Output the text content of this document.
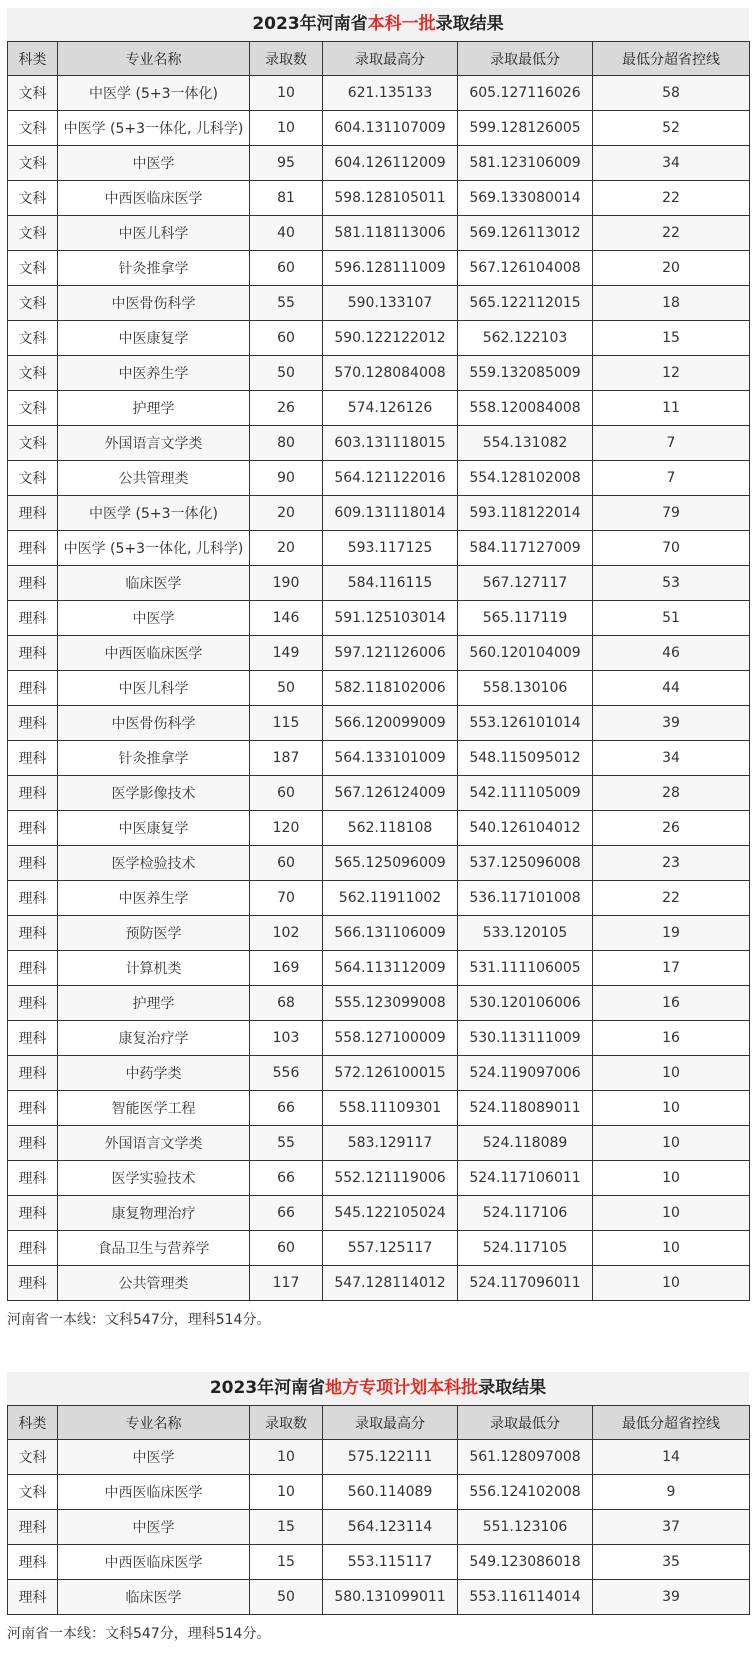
2023年河南省本科一批录取结果
科类	专业名称	录取数	录取最高分	录取最低分	最低分超省控线
文科	中医学 (5+3一体化)	10	621.135133	605.127116026	58
文科	中医学 (5+3一体化, 儿科学)	10	604.131107009	599.128126005	52
文科	中医学	95	604.126112009	581.123106009	34
文科	中西医临床医学	81	598.128105011	569.133080014	22
文科	中医儿科学	40	581.118113006	569.126113012	22
文科	针灸推拿学	60	596.128111009	567.126104008	20
文科	中医骨伤科学	55	590.133107	565.122112015	18
文科	中医康复学	60	590.122122012	562.122103	15
文科	中医养生学	50	570.128084008	559.132085009	12
文科	护理学	26	574.126126	558.120084008	11
文科	外国语言文学类	80	603.131118015	554.131082	7
文科	公共管理类	90	564.121122016	554.128102008	7
理科	中医学 (5+3一体化)	20	609.131118014	593.118122014	79
理科	中医学 (5+3一体化, 儿科学)	20	593.117125	584.117127009	70
理科	临床医学	190	584.116115	567.127117	53
理科	中医学	146	591.125103014	565.117119	51
理科	中西医临床医学	149	597.121126006	560.120104009	46
理科	中医儿科学	50	582.118102006	558.130106	44
理科	中医骨伤科学	115	566.120099009	553.126101014	39
理科	针灸推拿学	187	564.133101009	548.115095012	34
理科	医学影像技术	60	567.126124009	542.111105009	28
理科	中医康复学	120	562.118108	540.126104012	26
理科	医学检验技术	60	565.125096009	537.125096008	23
理科	中医养生学	70	562.11911002	536.117101008	22
理科	预防医学	102	566.131106009	533.120105	19
理科	计算机类	169	564.113112009	531.111106005	17
理科	护理学	68	555.123099008	530.120106006	16
理科	康复治疗学	103	558.127100009	530.113111009	16
理科	中药学类	556	572.126100015	524.119097006	10
理科	智能医学工程	66	558.11109301	524.118089011	10
理科	外国语言文学类	55	583.129117	524.118089	10
理科	医学实验技术	66	552.121119006	524.117106011	10
理科	康复物理治疗	66	545.122105024	524.117106	10
理科	食品卫生与营养学	60	557.125117	524.117105	10
理科	公共管理类	117	547.128114012	524.117096011	10
河南省一本线：文科547分，理科514分。
2023年河南省地方专项计划本科批录取结果
科类	专业名称	录取数	录取最高分	录取最低分	最低分超省控线
文科	中医学	10	575.122111	561.128097008	14
文科	中西医临床医学	10	560.114089	556.124102008	9
理科	中医学	15	564.123114	551.123106	37
理科	中西医临床医学	15	553.115117	549.123086018	35
理科	临床医学	50	580.131099011	553.116114014	39
河南省一本线：文科547分，理科514分。
